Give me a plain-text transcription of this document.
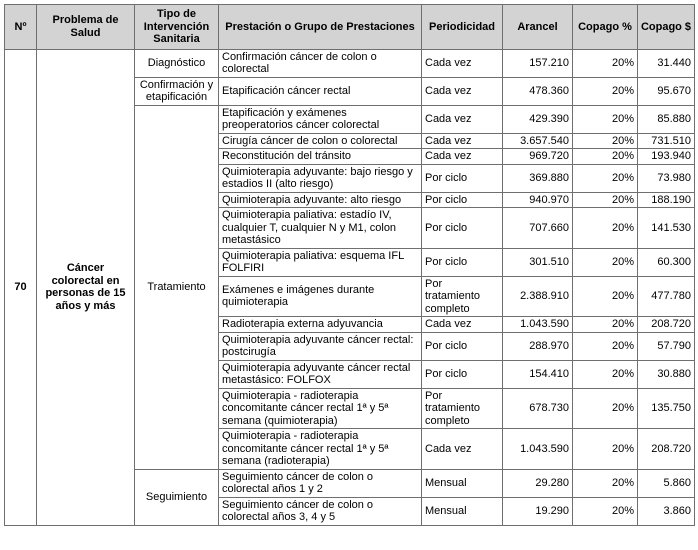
Nº	Problema de Salud	Tipo de Intervención Sanitaria	Prestación o Grupo de Prestaciones	Periodicidad	Arancel	Copago %	Copago $
70	Cáncer colorectal en personas de 15 años y más	Diagnóstico	Confirmación cáncer de colon o colorectal	Cada vez	157.210	20%	31.440
		Confirmación y etapificación	Etapificación cáncer rectal	Cada vez	478.360	20%	95.670
		Tratamiento	Etapificación y exámenes preoperatorios cáncer colorectal	Cada vez	429.390	20%	85.880
			Cirugía cáncer de colon o colorectal	Cada vez	3.657.540	20%	731.510
			Reconstitución del tránsito	Cada vez	969.720	20%	193.940
			Quimioterapia adyuvante: bajo riesgo y estadios II (alto riesgo)	Por ciclo	369.880	20%	73.980
			Quimioterapia adyuvante: alto riesgo	Por ciclo	940.970	20%	188.190
			Quimioterapia paliativa: estadío IV, cualquier T, cualquier N y M1, colon metastásico	Por ciclo	707.660	20%	141.530
			Quimioterapia paliativa: esquema IFL FOLFIRI	Por ciclo	301.510	20%	60.300
			Exámenes e imágenes durante quimioterapia	Por tratamiento completo	2.388.910	20%	477.780
			Radioterapia externa adyuvancia	Cada vez	1.043.590	20%	208.720
			Quimioterapia adyuvante cáncer rectal: postcirugía	Por ciclo	288.970	20%	57.790
			Quimioterapia adyuvante cáncer rectal metastásico: FOLFOX	Por ciclo	154.410	20%	30.880
			Quimioterapia - radioterapia concomitante cáncer rectal 1ª y 5ª semana (quimioterapia)	Por tratamiento completo	678.730	20%	135.750
			Quimioterapia - radioterapia concomitante cáncer rectal 1ª y 5ª semana (radioterapia)	Cada vez	1.043.590	20%	208.720
		Seguimiento	Seguimiento cáncer de colon o colorectal años 1 y 2	Mensual	29.280	20%	5.860
			Seguimiento cáncer de colon o colorectal años 3, 4 y 5	Mensual	19.290	20%	3.860
